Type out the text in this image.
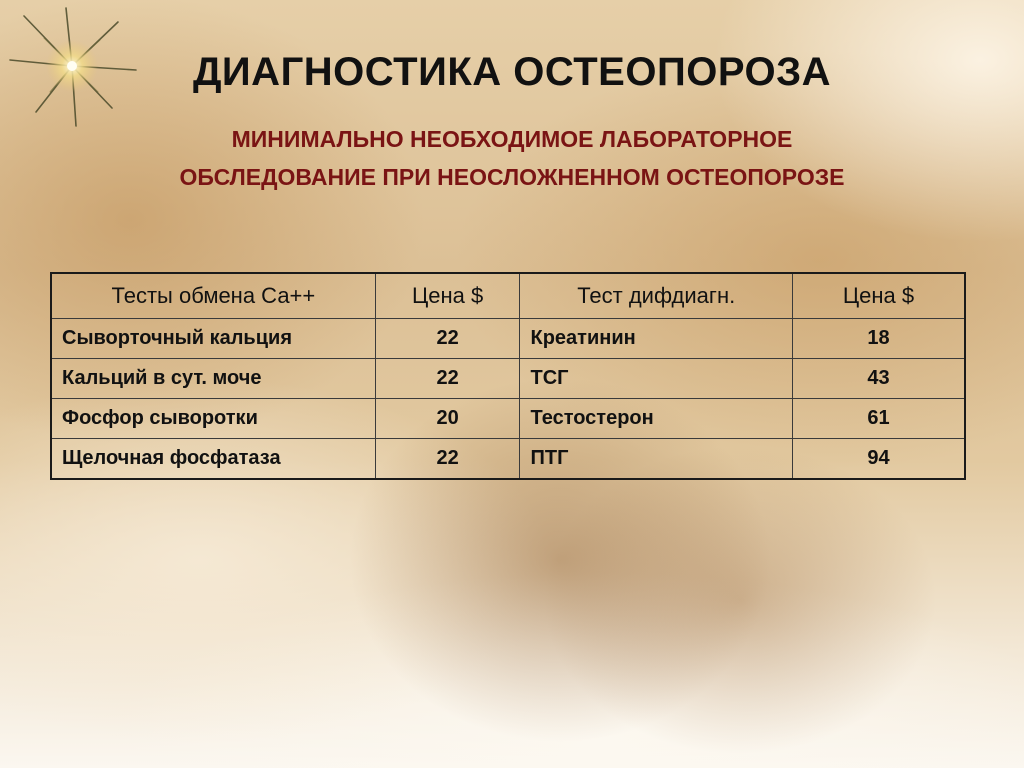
ДИАГНОСТИКА ОСТЕОПОРОЗА
МИНИМАЛЬНО НЕОБХОДИМОЕ ЛАБОРАТОРНОЕ
ОБСЛЕДОВАНИЕ ПРИ НЕОСЛОЖНЕННОМ ОСТЕОПОРОЗЕ
Тесты обмена Са++	Цена $	Тест дифдиагн.	Цена $
Сыворточный кальция	22	Креатинин	18
Кальций в сут. моче	22	ТСГ	43
Фосфор сыворотки	20	Тестостерон	61
Щелочная фосфатаза	22	ПТГ	94
